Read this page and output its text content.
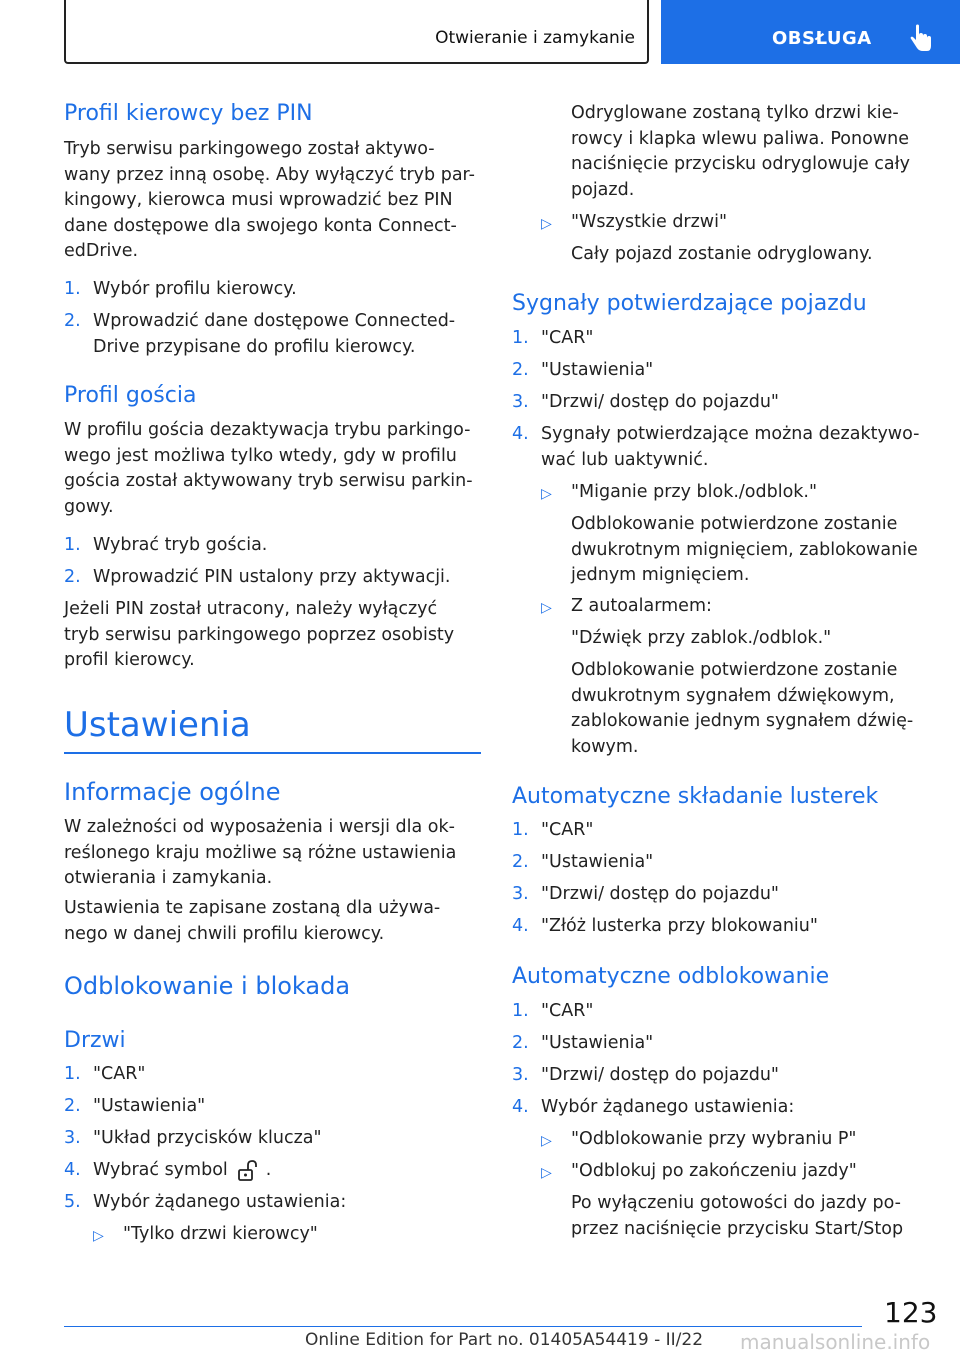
Otwieranie i zamykanie	OBSŁUGA
Profil kierowcy bez PIN
Tryb serwisu parkingowego został aktywo-
wany przez inną osobę. Aby wyłączyć tryb par-
kingowy, kierowca musi wprowadzić bez PIN
dane dostępowe dla swojego konta Connect-
edDrive.
1. Wybór profilu kierowcy.
2. Wprowadzić dane dostępowe Connected-
Drive przypisane do profilu kierowcy.
Profil gościa
W profilu gościa dezaktywacja trybu parkingo-
wego jest możliwa tylko wtedy, gdy w profilu
gościa został aktywowany tryb serwisu parkin-
gowy.
1. Wybrać tryb gościa.
2. Wprowadzić PIN ustalony przy aktywacji.
Jeżeli PIN został utracony, należy wyłączyć
tryb serwisu parkingowego poprzez osobisty
profil kierowcy.
Ustawienia
Informacje ogólne
W zależności od wyposażenia i wersji dla ok-
reślonego kraju możliwe są różne ustawienia
otwierania i zamykania.
Ustawienia te zapisane zostaną dla używa-
nego w danej chwili profilu kierowcy.
Odblokowanie i blokada
Drzwi
1. "CAR"
2. "Ustawienia"
3. "Układ przycisków klucza"
4. Wybrać symbol .
5. Wybór żądanego ustawienia:
▷ "Tylko drzwi kierowcy"
Odryglowane zostaną tylko drzwi kie-
rowcy i klapka wlewu paliwa. Ponowne
naciśnięcie przycisku odryglowuje cały
pojazd.
▷ "Wszystkie drzwi"
Cały pojazd zostanie odryglowany.
Sygnały potwierdzające pojazdu
1. "CAR"
2. "Ustawienia"
3. "Drzwi/ dostęp do pojazdu"
4. Sygnały potwierdzające można dezaktywo-
wać lub uaktywnić.
▷ "Miganie przy blok./odblok."
Odblokowanie potwierdzone zostanie
dwukrotnym mignięciem, zablokowanie
jednym mignięciem.
▷ Z autoalarmem:
"Dźwięk przy zablok./odblok."
Odblokowanie potwierdzone zostanie
dwukrotnym sygnałem dźwiękowym,
zablokowanie jednym sygnałem dźwię-
kowym.
Automatyczne składanie lusterek
1. "CAR"
2. "Ustawienia"
3. "Drzwi/ dostęp do pojazdu"
4. "Złóż lusterka przy blokowaniu"
Automatyczne odblokowanie
1. "CAR"
2. "Ustawienia"
3. "Drzwi/ dostęp do pojazdu"
4. Wybór żądanego ustawienia:
▷ "Odblokowanie przy wybraniu P"
▷ "Odblokuj po zakończeniu jazdy"
Po wyłączeniu gotowości do jazdy po-
przez naciśnięcie przycisku Start/Stop
123
Online Edition for Part no. 01405A54419 - II/22 manualsonline.info
